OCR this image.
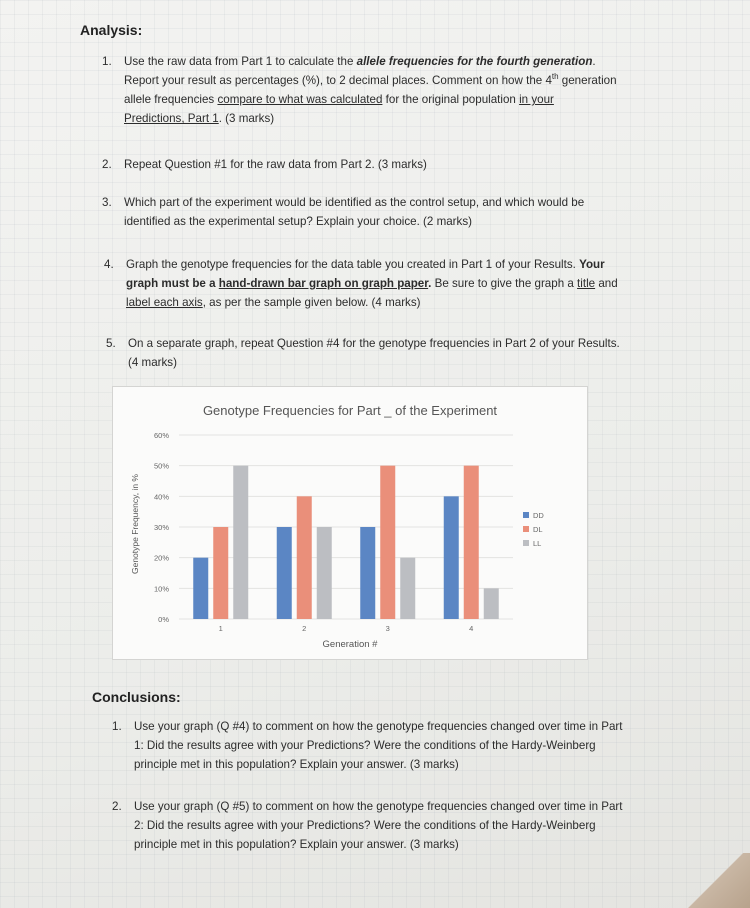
Analysis:
1. Use the raw data from Part 1 to calculate the allele frequencies for the fourth generation.
Report your result as percentages (%), to 2 decimal places. Comment on how the 4th generation
allele frequencies compare to what was calculated for the original population in your
Predictions, Part 1. (3 marks)
2. Repeat Question #1 for the raw data from Part 2. (3 marks)
3. Which part of the experiment would be identified as the control setup, and which would be
identified as the experimental setup? Explain your choice. (2 marks)
4. Graph the genotype frequencies for the data table you created in Part 1 of your Results. Your
graph must be a hand-drawn bar graph on graph paper. Be sure to give the graph a title and
label each axis, as per the sample given below. (4 marks)
5. On a separate graph, repeat Question #4 for the genotype frequencies in Part 2 of your Results.
(4 marks)
Genotype Frequencies for Part _ of the Experiment
Genotype Frequency, in %
Generation #
0%
10%
20%
30%
40%
50%
60%
1	2	3	4
DD
DL
LL
Conclusions:
1. Use your graph (Q #4) to comment on how the genotype frequencies changed over time in Part
1: Did the results agree with your Predictions? Were the conditions of the Hardy-Weinberg
principle met in this population? Explain your answer. (3 marks)
2. Use your graph (Q #5) to comment on how the genotype frequencies changed over time in Part
2: Did the results agree with your Predictions? Were the conditions of the Hardy-Weinberg
principle met in this population? Explain your answer. (3 marks)
